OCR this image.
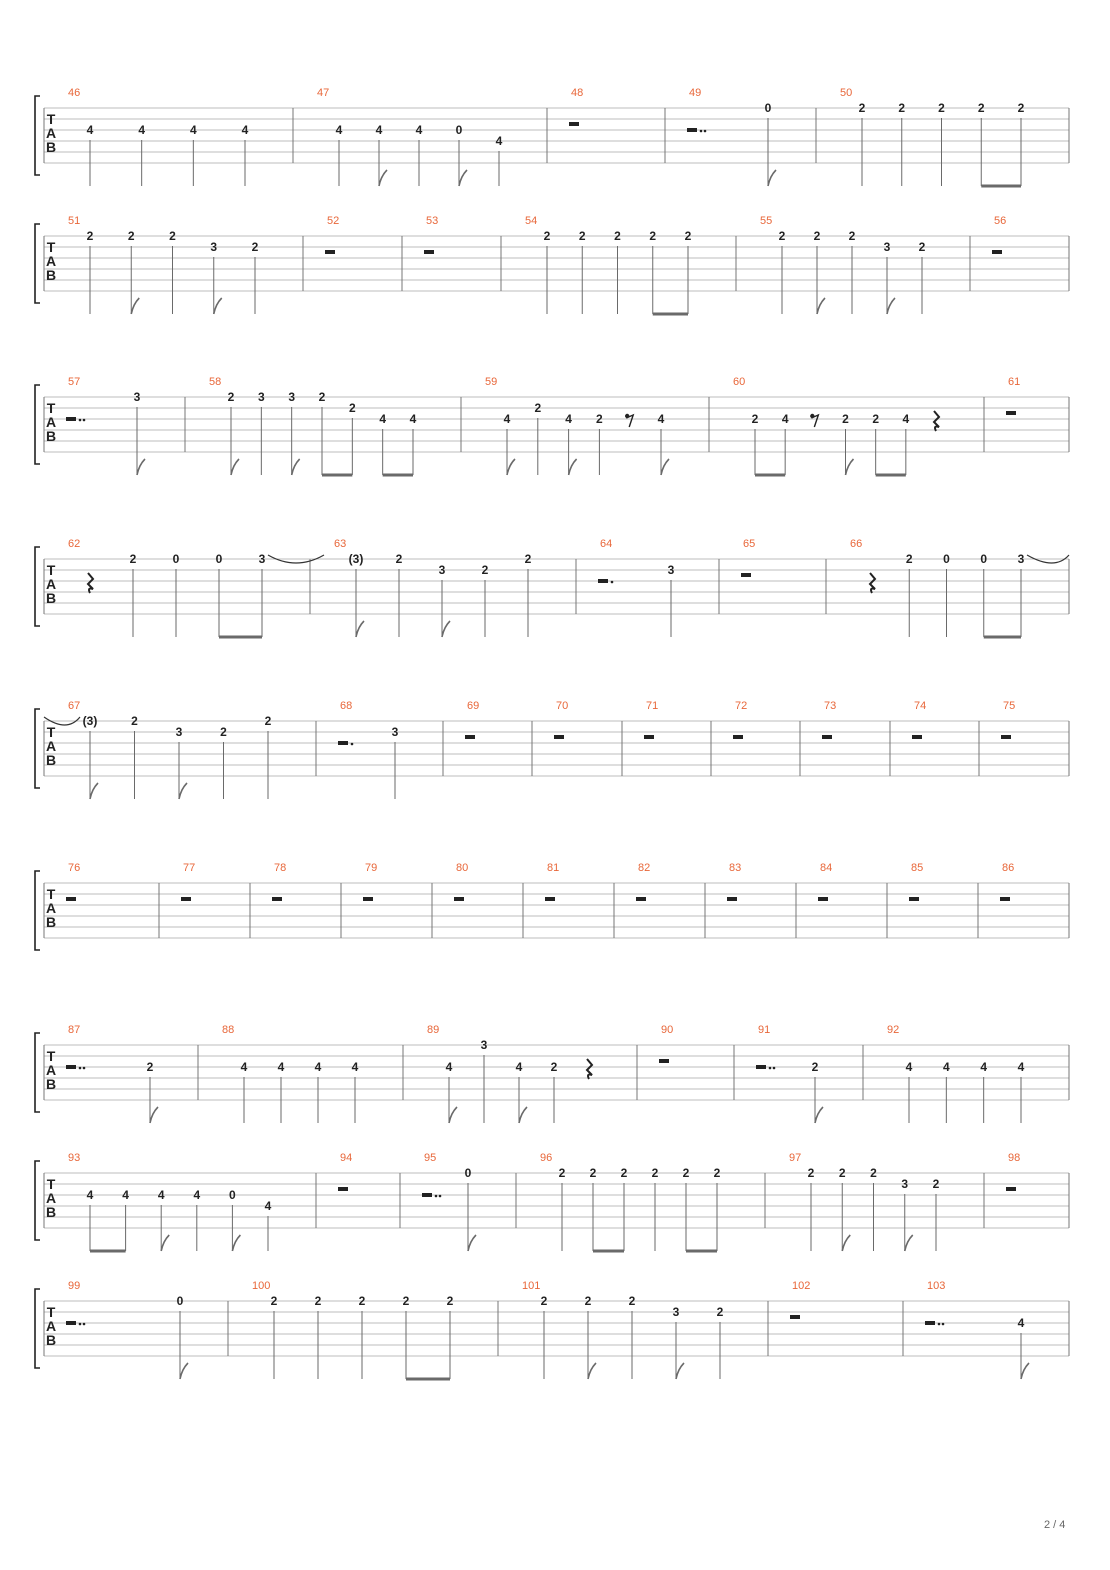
T
A
B
46
4	4	4	4
47
4	4	4	0
4
48	49
0
50
2	2	2	2	2
T
A
B
51
2	2	2
3	2
52	53	54
2 2 2 2 2
55
2 2 2
3 2
56
T
A
B
57
3
58
2 3 3 2
2
4 4
59
4
2
4 2	4
60
2 4	2 2 4
61
T
A
B
62
2	0	0	3
63
(3)	2
3	2
2
64
3
65	66
2	0	0	3
T
A
B
67
(3)	2
3	2
2
68
3
69	70	71	72	73	74	75
T
A
B
76	77	78	79	80	81	82	83	84	85	86
T
A
B
87
2
88
4	4	4	4
89
4
3
4 2
90	91
2
92
4	4	4	4
T
A
B
93
4 4 4 4 0
4
94	95
0
96
2 2 2 2 2 2
97
2 2 2
3 2
98
T
A
B
99
0
100
2	2	2	2	2
101
2	2	2
3	2
102	103
4
2 / 4
